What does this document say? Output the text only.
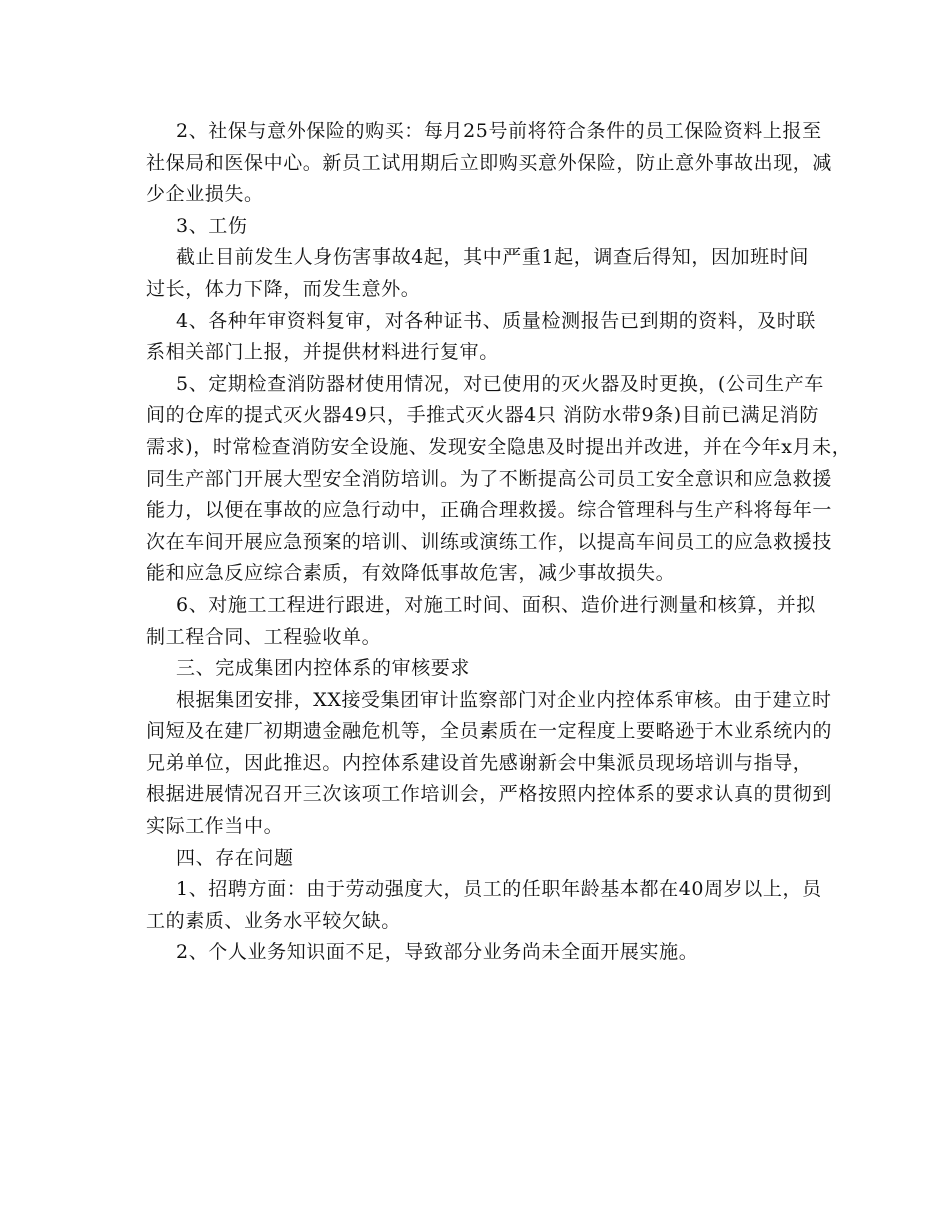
2、社保与意外保险的购买：每月25号前将符合条件的员工保险资料上报至
社保局和医保中心。新员工试用期后立即购买意外保险，防止意外事故出现，减
少企业损失。
3、工伤
截止目前发生人身伤害事故4起，其中严重1起，调查后得知，因加班时间
过长，体力下降，而发生意外。
4、各种年审资料复审，对各种证书、质量检测报告已到期的资料，及时联
系相关部门上报，并提供材料进行复审。
5、定期检查消防器材使用情况，对已使用的灭火器及时更换，(公司生产车
间的仓库的提式灭火器49只，手推式灭火器4只 消防水带9条)目前已满足消防
需求)，时常检查消防安全设施、发现安全隐患及时提出并改进，并在今年x月未，
同生产部门开展大型安全消防培训。为了不断提高公司员工安全意识和应急救援
能力，以便在事故的应急行动中，正确合理救援。综合管理科与生产科将每年一
次在车间开展应急预案的培训、训练或演练工作，以提高车间员工的应急救援技
能和应急反应综合素质，有效降低事故危害，减少事故损失。
6、对施工工程进行跟进，对施工时间、面积、造价进行测量和核算，并拟
制工程合同、工程验收单。
三、完成集团内控体系的审核要求
根据集团安排，XX接受集团审计监察部门对企业内控体系审核。由于建立时
间短及在建厂初期遗金融危机等，全员素质在一定程度上要略逊于木业系统内的
兄弟单位，因此推迟。内控体系建设首先感谢新会中集派员现场培训与指导，
根据进展情况召开三次该项工作培训会，严格按照内控体系的要求认真的贯彻到
实际工作当中。
四、存在问题
1、招聘方面：由于劳动强度大，员工的任职年龄基本都在40周岁以上，员
工的素质、业务水平较欠缺。
2、个人业务知识面不足，导致部分业务尚未全面开展实施。
